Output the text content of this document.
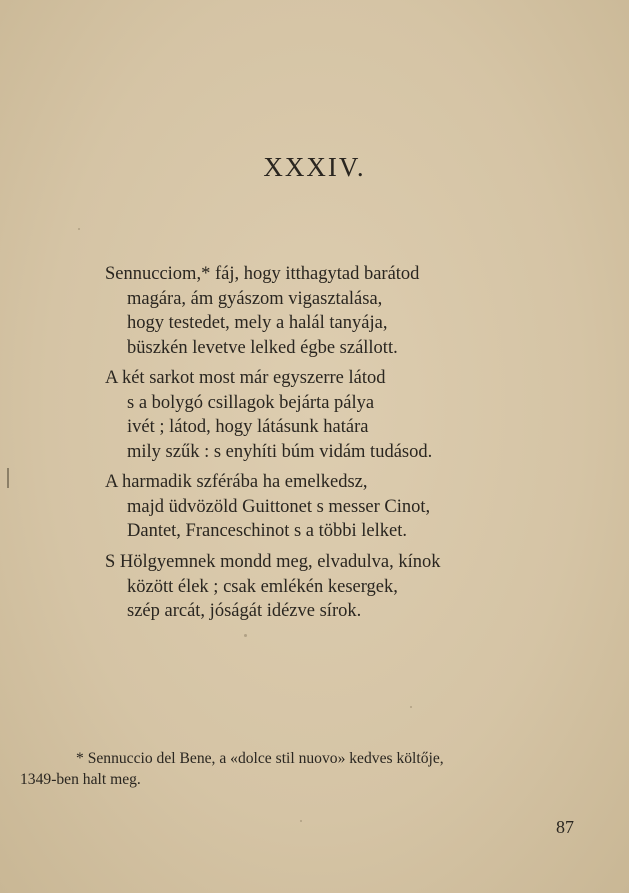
XXXIV.
Sennucciom,* fáj, hogy itthagytad barátod
magára, ám gyászom vigasztalása,
hogy testedet, mely a halál tanyája,
büszkén levetve lelked égbe szállott.
A két sarkot most már egyszerre látod
s a bolygó csillagok bejárta pálya
ivét ; látod, hogy látásunk határa
mily szűk : s enyhíti búm vidám tudásod.
A harmadik szférába ha emelkedsz,
majd üdvözöld Guittonet s messer Cinot,
Dantet, Franceschinot s a többi lelket.
S Hölgyemnek mondd meg, elvadulva, kínok
között élek ; csak emlékén kesergek,
szép arcát, jóságát idézve sírok.
* Sennuccio del Bene, a «dolce stil nuovo» kedves költője,
1349-ben halt meg.
87
